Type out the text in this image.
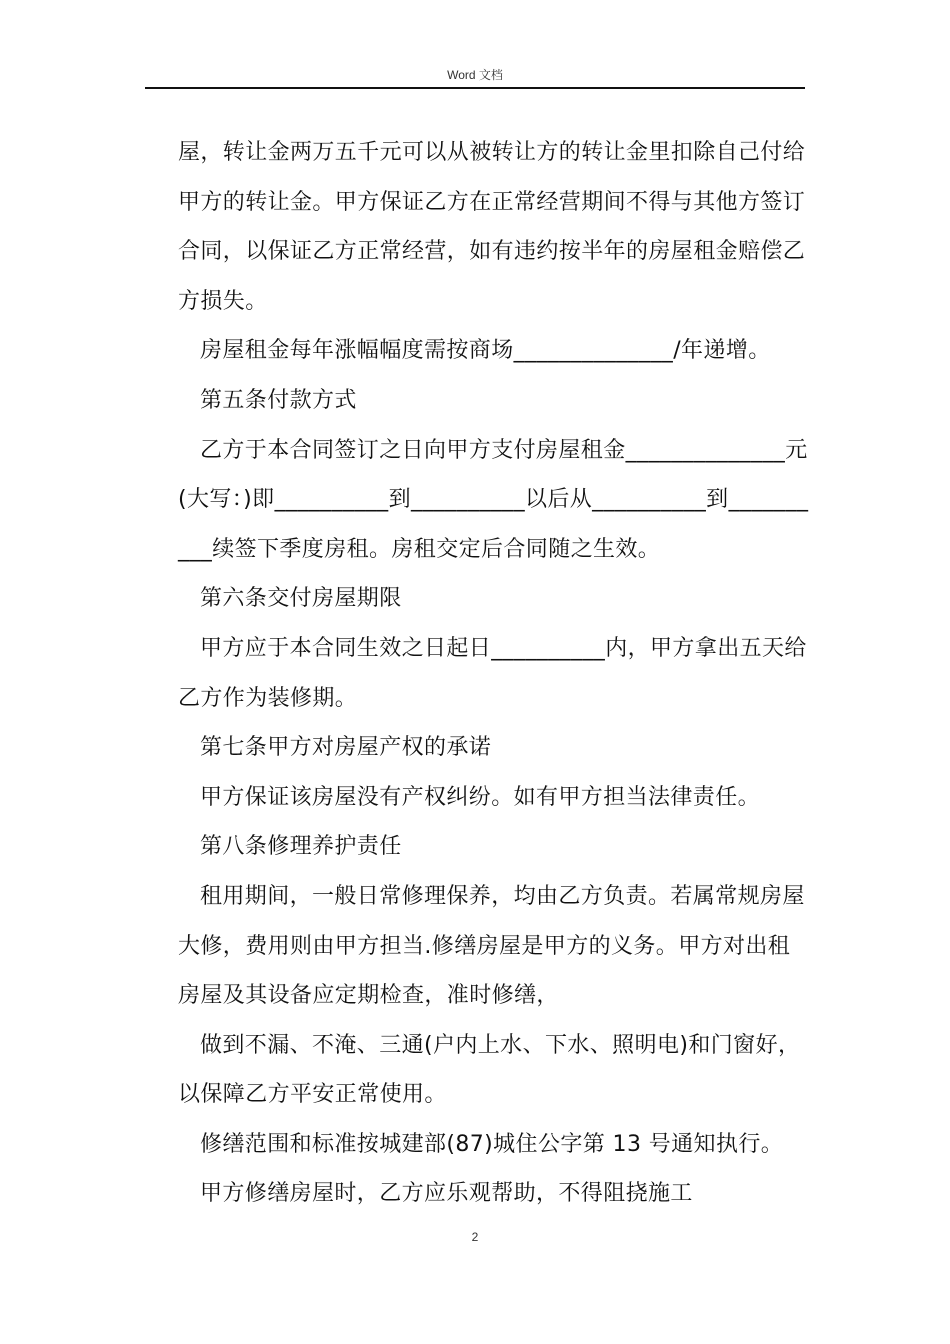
Word 文档

屋，转让金两万五千元可以从被转让方的转让金里扣除自己付给

甲方的转让金。甲方保证乙方在正常经营期间不得与其他方签订

合同，以保证乙方正常经营，如有违约按半年的房屋租金赔偿乙

方损失。

房屋租金每年涨幅幅度需按商场______________/年递增。

第五条付款方式

乙方于本合同签订之日向甲方支付房屋租金______________元

(大写：)即__________到__________以后从__________到_______

___续签下季度房租。房租交定后合同随之生效。

第六条交付房屋期限

甲方应于本合同生效之日起日__________内，甲方拿出五天给

乙方作为装修期。

第七条甲方对房屋产权的承诺

甲方保证该房屋没有产权纠纷。如有甲方担当法律责任。

第八条修理养护责任

租用期间，一般日常修理保养，均由乙方负责。若属常规房屋

大修，费用则由甲方担当.修缮房屋是甲方的义务。甲方对出租

房屋及其设备应定期检查，准时修缮，

做到不漏、不淹、三通(户内上水、下水、照明电)和门窗好，

以保障乙方平安正常使用。

修缮范围和标准按城建部(87)城住公字第 13 号通知执行。

甲方修缮房屋时，乙方应乐观帮助，不得阻挠施工

2
